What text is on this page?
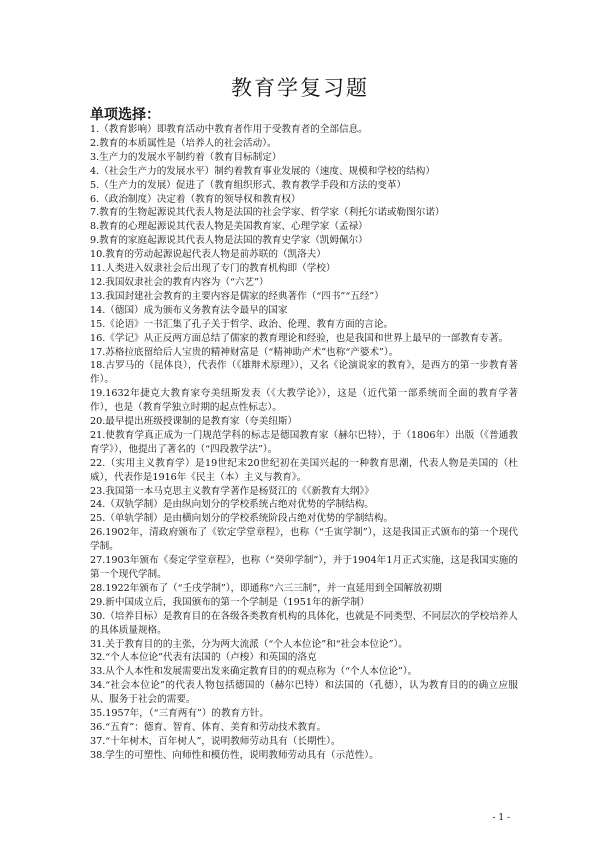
教育学复习题
单项选择：

1.（教育影响）即教育活动中教育者作用于受教育者的全部信息。

2.教育的本质属性是（培养人的社会活动）。

3.生产力的发展水平制约着（教育目标制定）

4.（社会生产力的发展水平）制约着教育事业发展的（速度、规模和学校的结构）

5.（生产力的发展）促进了（教育组织形式、教育教学手段和方法的变革）

6.（政治制度）决定着（教育的领导权和教育权）

7.教育的生物起源说其代表人物是法国的社会学家、哲学家（利托尔诺或勒图尔诺）

8.教育的心理起源说其代表人物是美国教育家、心理学家（孟禄）

9.教育的家庭起源说其代表人物是法国的教育史学家（凯姆佩尔）

10.教育的劳动起源说起代表人物是前苏联的（凯洛夫）

11.人类进入奴隶社会后出现了专门的教育机构即（学校）

12.我国奴隶社会的教育内容为（“六艺”）

13.我国封建社会教育的主要内容是儒家的经典著作（“四书”“五经”）

14.（德国）成为颁布义务教育法令最早的国家

15.《论语》一书汇集了孔子关于哲学、政治、伦理、教育方面的言论。

16.《学记》从正反两方面总结了儒家的教育理论和经验，也是我国和世界上最早的一部教育专著。

17.苏格拉底留给后人宝贵的精神财富是（“精神助产术”也称“产婆术”）。

18.古罗马的（昆体良），代表作（《雄辩术原理》），又名《论演说家的教育》，是西方的第一步教育著作）。

19.1632年捷克大教育家夸美纽斯发表（《大教学论》），这是（近代第一部系统而全面的教育学著作），也是（教育学独立时期的起点性标志）。

20.最早提出班级授课制的是教育家（夸美纽斯）

21.使教育学真正成为一门规范学科的标志是德国教育家（赫尔巴特），于（1806年）出版（《普通教育学》），他提出了著名的（“四段教学法”）。

22.（实用主义教育学）是19世纪末20世纪初在美国兴起的一种教育思潮，代表人物是美国的（杜威），代表作是1916年《民主（本）主义与教育》。

23.我国第一本马克思主义教育学著作是杨贤江的《《新教育大纲》》

24.（双轨学制）是由纵向划分的学校系统占绝对优势的学制结构。

25.（单轨学制）是由横向划分的学校系统阶段占绝对优势的学制结构。

26.1902年，清政府颁布了《钦定学堂章程》，也称（“壬寅学制”），这是我国正式颁布的第一个现代学制。

27.1903年颁布《奏定学堂章程》，也称（“癸卯学制”），并于1904年1月正式实施，这是我国实施的第一个现代学制。

28.1922年颁布了（“壬戌学制”），即通称“六三三制”，并一直延用到全国解放初期

29.新中国成立后，我国颁布的第一个学制是（1951年的新学制）

30.（培养目标）是教育目的在各级各类教育机构的具体化，也就是不同类型、不同层次的学校培养人的具体质量规格。

31.关于教育目的的主张，分为两大流派（“个人本位论”和“社会本位论”）。

32.“个人本位论”代表有法国的（卢梭）和英国的洛克

33.从个人本性和发展需要出发来确定教育目的的观点称为（“个人本位论”）。

34.“社会本位论”的代表人物包括德国的（赫尔巴特）和法国的（孔德），认为教育目的的确立应服从、服务于社会的需要。

35.1957年，（“三育两有”）的教育方针。

36.“五育”：德育、智育、体育、美育和劳动技术教育。

37.“十年树木，百年树人”，说明教师劳动具有（长期性）。

38.学生的可塑性、向师性和模仿性，说明教师劳动具有（示范性）。

- 1 -
